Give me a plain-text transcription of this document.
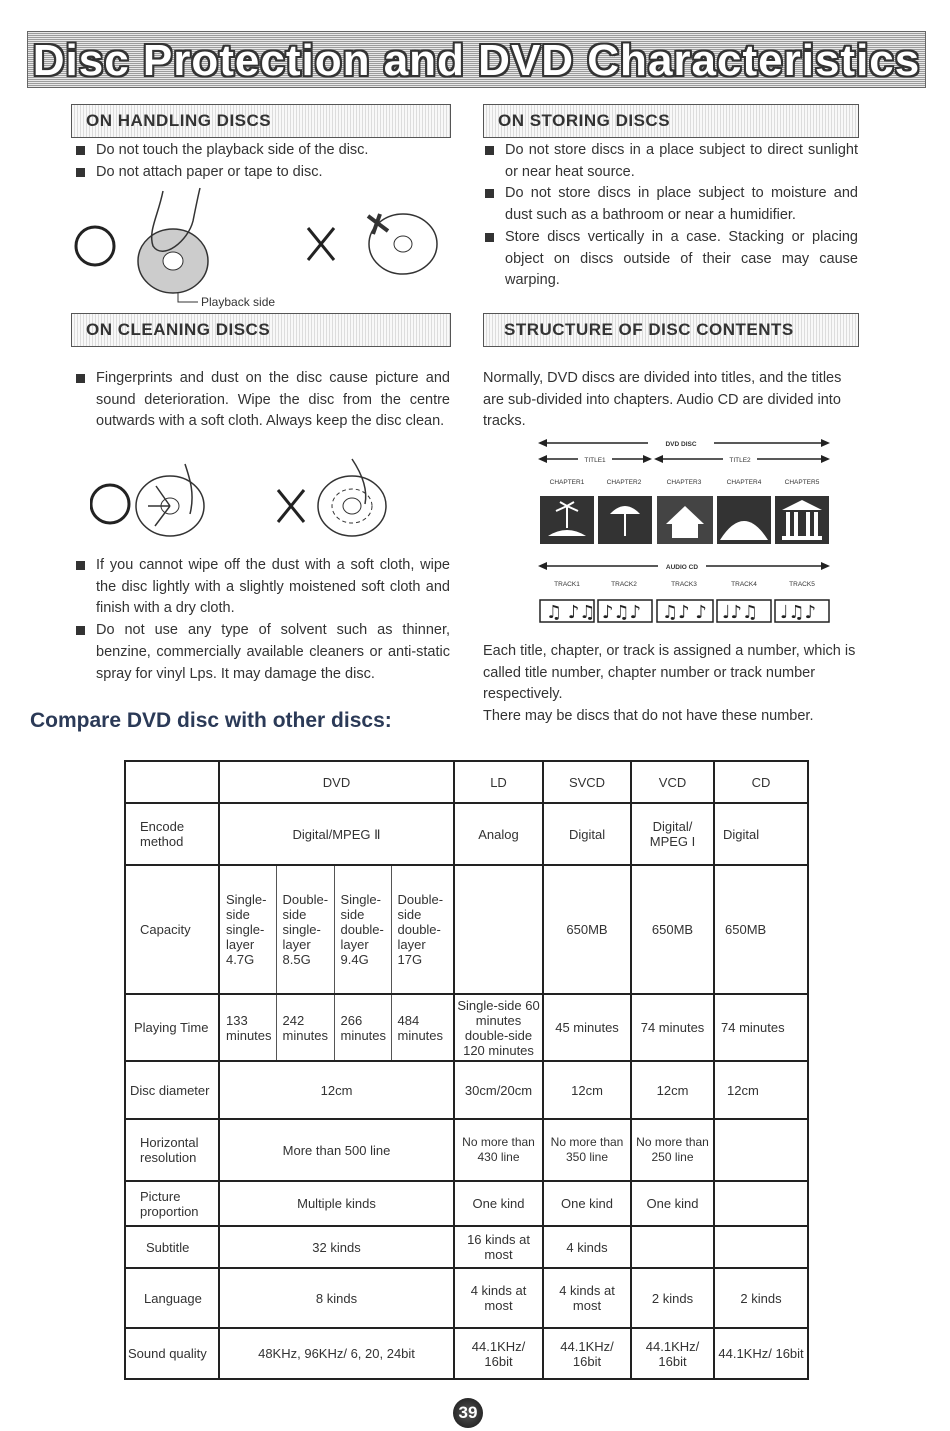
Disc Protection and DVD Characteristics
ON HANDLING DISCS
Do not touch the playback side of the disc.
Do not attach paper or tape to disc.
Playback side
ON CLEANING DISCS
Fingerprints and dust on the disc cause picture and sound deterioration. Wipe the disc from the centre outwards with a soft cloth. Always keep the disc clean.
If you cannot wipe off the dust with a soft cloth, wipe the disc lightly with a slightly moistened soft cloth and finish with a dry cloth.
Do not use any type of solvent such as thinner, benzine, commercially available cleaners or anti-static spray for vinyl Lps. It may damage the disc.
ON STORING DISCS
Do not store discs in a place subject to direct sunlight or near heat source.
Do not store discs in place subject to moisture and dust such as a bathroom or near a humidifier.
Store discs vertically in a case. Stacking or placing object on discs outside of their case may cause warping.
STRUCTURE OF DISC CONTENTS
Normally, DVD discs are divided into titles, and the titles are sub-divided into chapters. Audio CD are divided into tracks.
DVD DISC
TITLE1	TITLE2
CHAPTER1	CHAPTER2	CHAPTER3	CHAPTER4	CHAPTER5
AUDIO CD
TRACK1	TRACK2	TRACK3	TRACK4	TRACK5
♫ ♪♫ ♪♫♪ ♫♪ ♪ ♩♪♫ ♩♫♪
Each title, chapter, or track is assigned a number, which is called title number, chapter number or track number respectively.
There may be discs that do not have these number.
Compare DVD disc with other discs:
	DVD				LD	SVCD	VCD	CD
Encode method	Digital/MPEG Ⅱ				Analog	Digital	Digital/ MPEG I	Digital
Capacity	Single-side single-layer 4.7G	Double-side single-layer 8.5G	Single-side double-layer 9.4G	Double-side double-layer 17G		650MB	650MB	650MB
Playing Time	133 minutes	242 minutes	266 minutes	484 minutes	Single-side 60 minutes double-side 120 minutes	45 minutes	74 minutes	74 minutes
Disc diameter	12cm				30cm/20cm	12cm	12cm	12cm
Horizontal resolution	More than 500 line				No more than 430 line	No more than 350 line	No more than 250 line	
Picture proportion	Multiple kinds				One kind	One kind	One kind	
Subtitle	32 kinds				16 kinds at most	4 kinds		
Language	8 kinds				4 kinds at most	4 kinds at most	2 kinds	2 kinds
Sound quality	48KHz, 96KHz/ 6, 20, 24bit				44.1KHz/ 16bit	44.1KHz/ 16bit	44.1KHz/ 16bit	44.1KHz/ 16bit
39
